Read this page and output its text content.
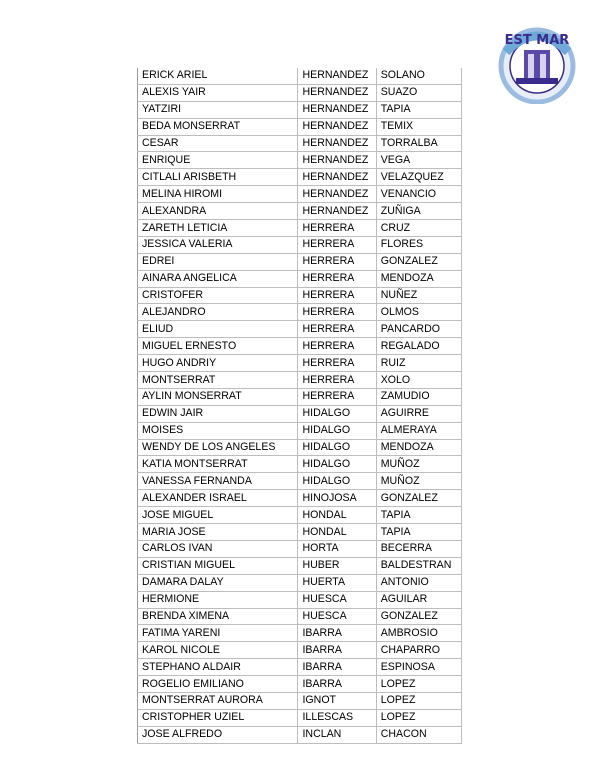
EST MAR
ERICK ARIEL	HERNANDEZ	SOLANO
ALEXIS YAIR	HERNANDEZ	SUAZO
YATZIRI	HERNANDEZ	TAPIA
BEDA MONSERRAT	HERNANDEZ	TEMIX
CESAR	HERNANDEZ	TORRALBA
ENRIQUE	HERNANDEZ	VEGA
CITLALI ARISBETH	HERNANDEZ	VELAZQUEZ
MELINA HIROMI	HERNANDEZ	VENANCIO
ALEXANDRA	HERNANDEZ	ZUÑIGA
ZARETH LETICIA	HERRERA	CRUZ
JESSICA VALERIA	HERRERA	FLORES
EDREI	HERRERA	GONZALEZ
AINARA ANGELICA	HERRERA	MENDOZA
CRISTOFER	HERRERA	NUÑEZ
ALEJANDRO	HERRERA	OLMOS
ELIUD	HERRERA	PANCARDO
MIGUEL ERNESTO	HERRERA	REGALADO
HUGO ANDRIY	HERRERA	RUIZ
MONTSERRAT	HERRERA	XOLO
AYLIN MONSERRAT	HERRERA	ZAMUDIO
EDWIN JAIR	HIDALGO	AGUIRRE
MOISES	HIDALGO	ALMERAYA
WENDY DE LOS ANGELES	HIDALGO	MENDOZA
KATIA MONTSERRAT	HIDALGO	MUÑOZ
VANESSA FERNANDA	HIDALGO	MUÑOZ
ALEXANDER ISRAEL	HINOJOSA	GONZALEZ
JOSE MIGUEL	HONDAL	TAPIA
MARIA JOSE	HONDAL	TAPIA
CARLOS IVAN	HORTA	BECERRA
CRISTIAN MIGUEL	HUBER	BALDESTRAN
DAMARA DALAY	HUERTA	ANTONIO
HERMIONE	HUESCA	AGUILAR
BRENDA XIMENA	HUESCA	GONZALEZ
FATIMA YARENI	IBARRA	AMBROSIO
KAROL NICOLE	IBARRA	CHAPARRO
STEPHANO ALDAIR	IBARRA	ESPINOSA
ROGELIO EMILIANO	IBARRA	LOPEZ
MONTSERRAT AURORA	IGNOT	LOPEZ
CRISTOPHER UZIEL	ILLESCAS	LOPEZ
JOSE ALFREDO	INCLAN	CHACON
